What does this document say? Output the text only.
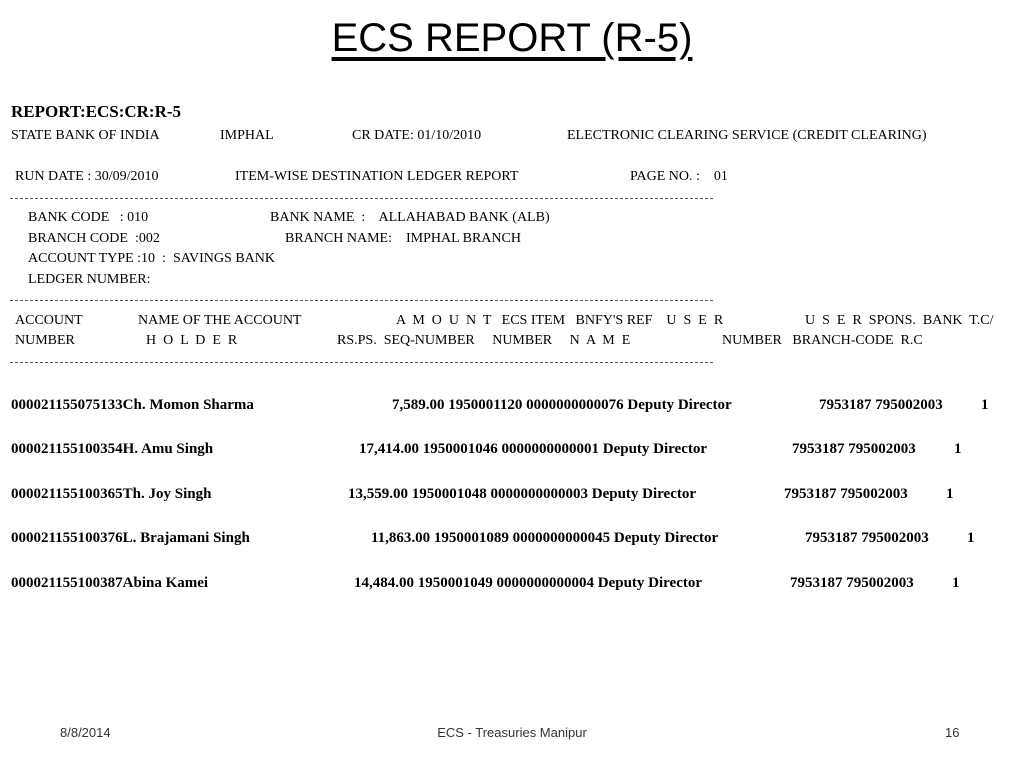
ECS REPORT (R-5)
REPORT:ECS:CR:R-5
STATE BANK OF INDIA	IMPHAL	CR DATE: 01/10/2010	ELECTRONIC CLEARING SERVICE (CREDIT CLEARING)
RUN DATE : 30/09/2010	ITEM-WISE DESTINATION LEDGER REPORT	PAGE NO. :    01
BANK CODE   : 010	BANK NAME  :    ALLAHABAD BANK (ALB)
BRANCH CODE  :002	BRANCH NAME:    IMPHAL BRANCH
ACCOUNT TYPE :10  :  SAVINGS BANK
LEDGER NUMBER:
ACCOUNT	NAME OF THE ACCOUNT	A  M  O  U  N  T   ECS ITEM   BNFY'S REF    U  S  E  R	U  S  E  R  SPONS.  BANK  T.C/
NUMBER	H  O  L  D  E  R	RS.PS.  SEQ-NUMBER     NUMBER     N  A  M  E	NUMBER   BRANCH-CODE  R.C
000021155075133Ch. Momon Sharma	7,589.00 1950001120 0000000000076 Deputy Director	7953187 795002003	1
000021155100354H. Amu Singh	17,414.00 1950001046 0000000000001 Deputy Director	7953187 795002003	1
000021155100365Th. Joy Singh	13,559.00 1950001048 0000000000003 Deputy Director	7953187 795002003	1
000021155100376L. Brajamani Singh	11,863.00 1950001089 0000000000045 Deputy Director	7953187 795002003	1
000021155100387Abina Kamei	14,484.00 1950001049 0000000000004 Deputy Director	7953187 795002003	1
8/8/2014	ECS - Treasuries Manipur	16
